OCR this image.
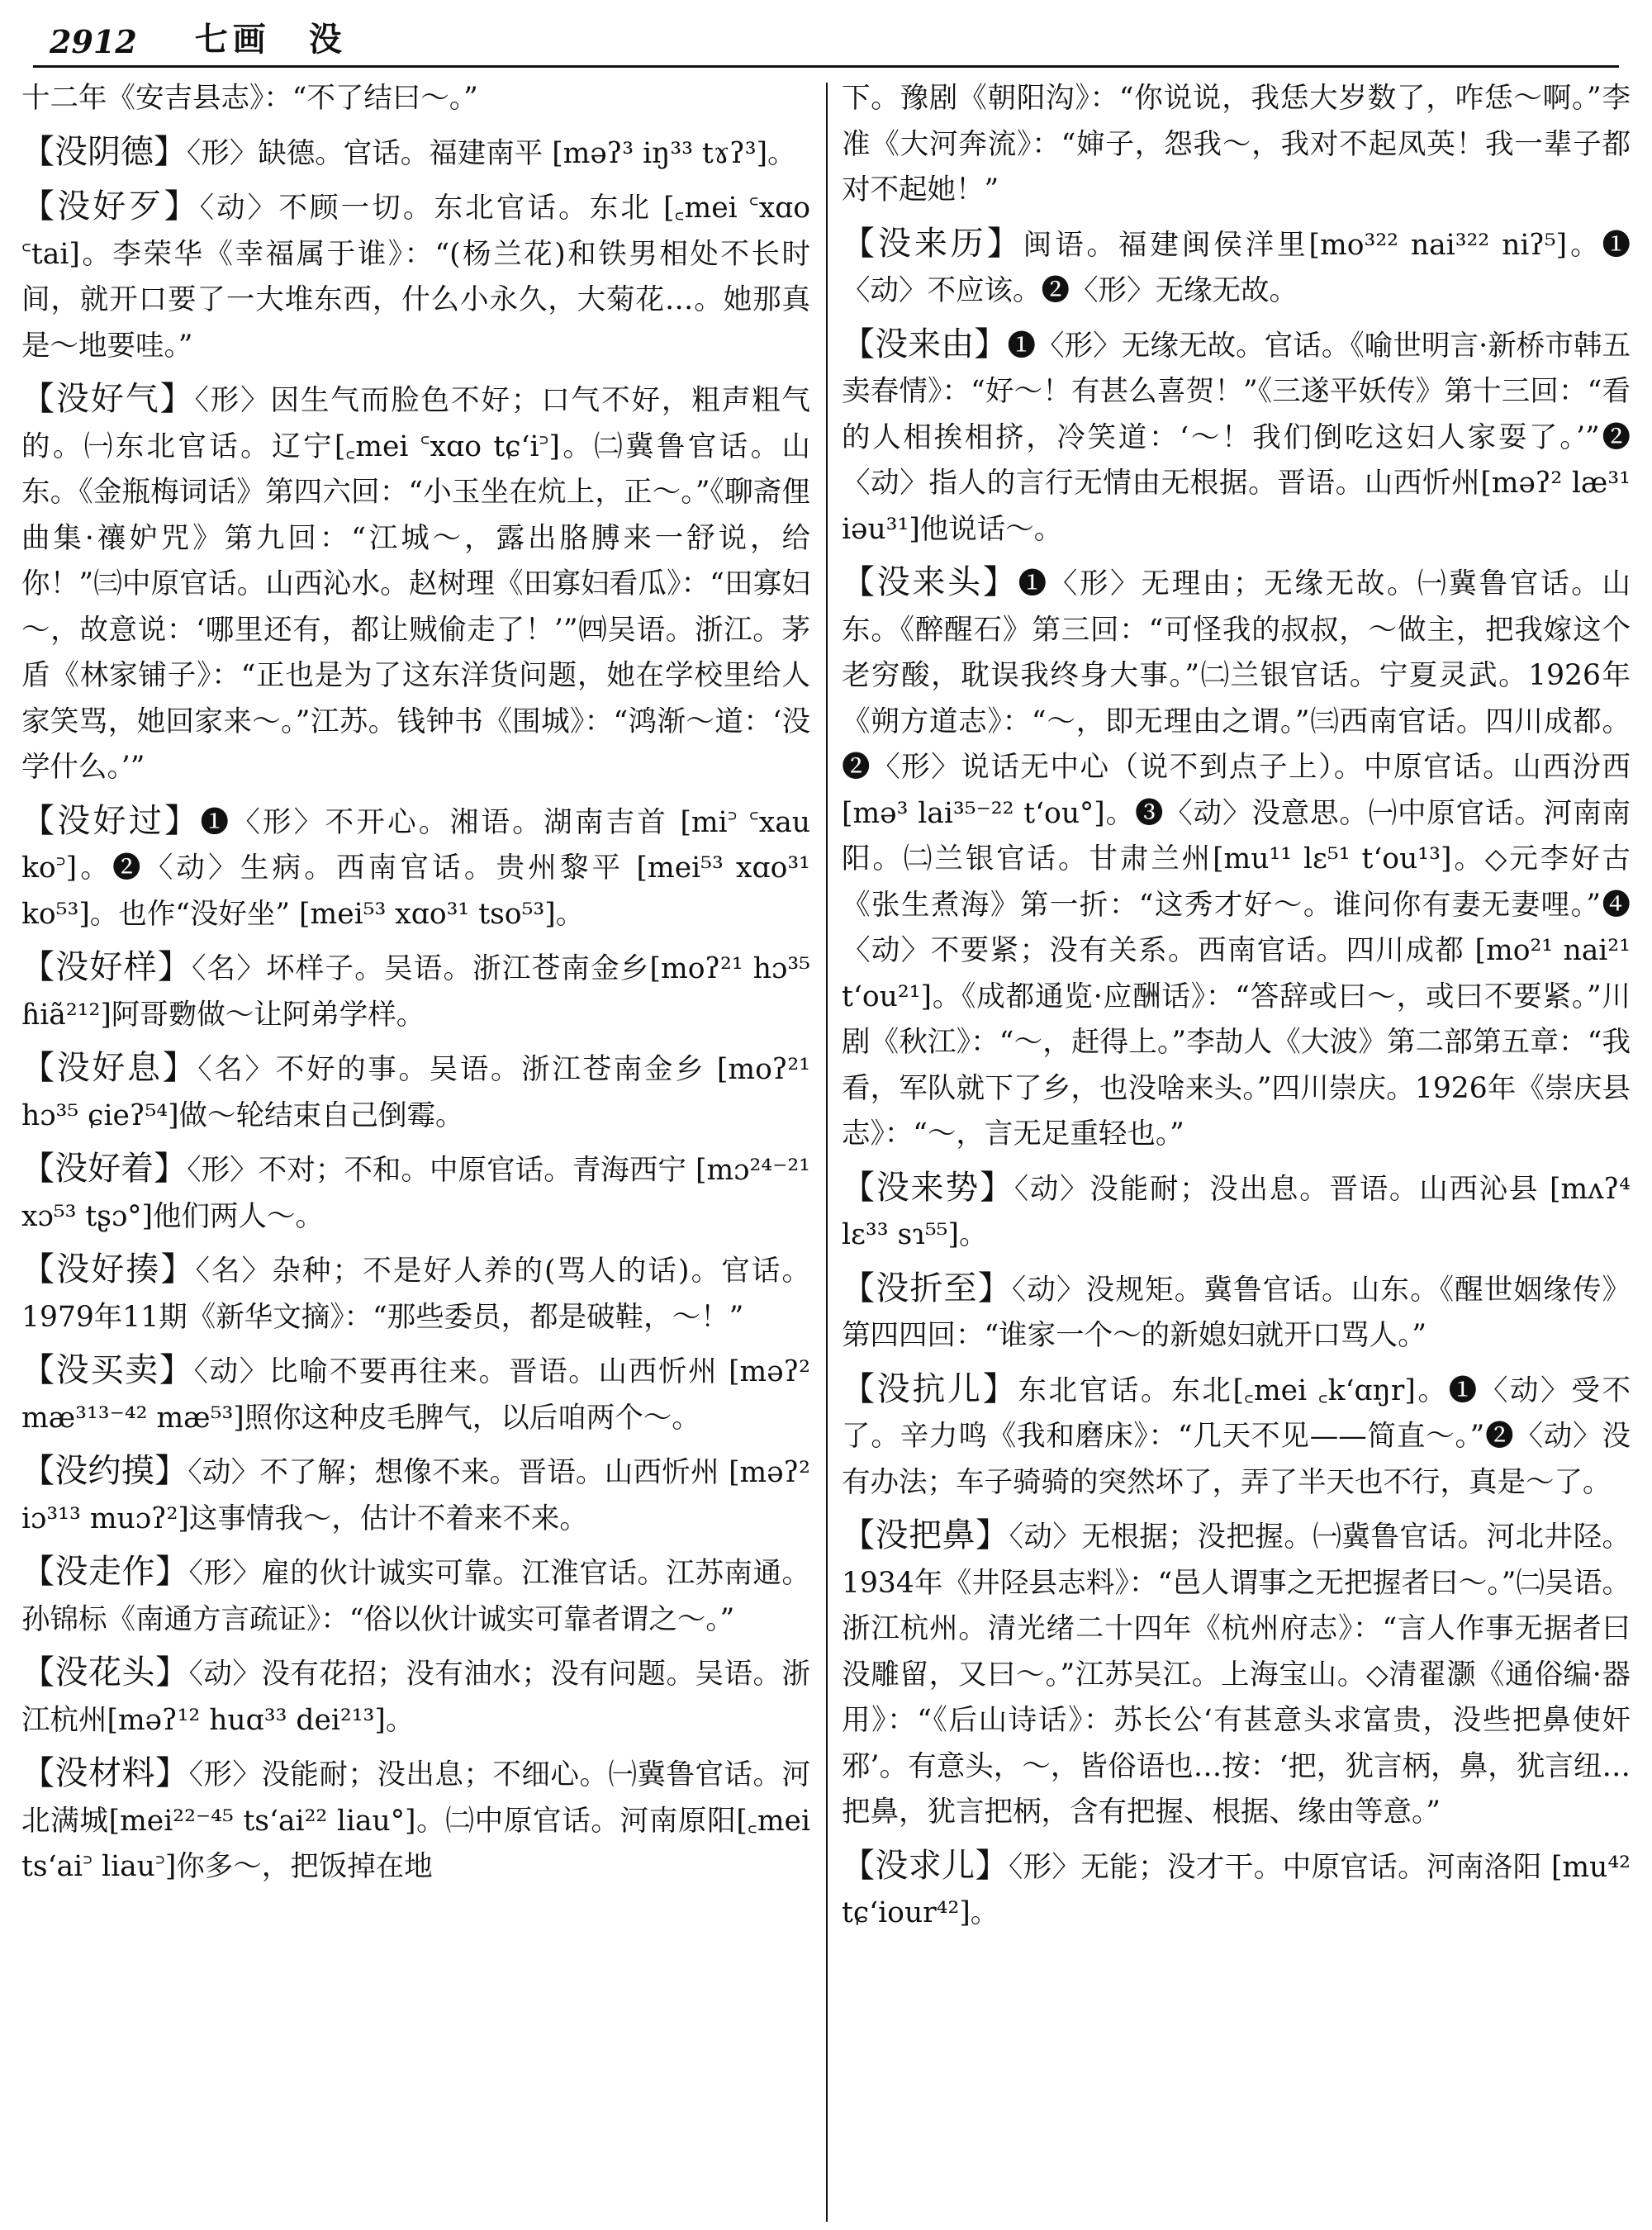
2912 七画　没

十二年《安吉县志》：“不了结曰～。”

【 没阴德 】 〈形〉缺德。官话。福建南平 [məʔ³ iŋ³³ tɤʔ³]。

【 没好歹 】 〈动〉不顾一切。东北官话。东北 [꜀mei ꜂xɑo ꜂tai]。李荣华《幸福属于谁》：“(杨兰花)和铁男相处不长时间，就开口要了一大堆东西，什么小永久，大菊花…。她那真是～地要哇。”

【 没好气 】 〈形〉因生气而脸色不好；口气不好，粗声粗气的。㈠东北官话。辽宁[꜀mei ꜂xɑo tɕʻi꜄]。㈡冀鲁官话。山东。《金瓶梅词话》第四六回：“小玉坐在炕上，正～。”《聊斋俚曲集·禳妒咒》第九回：“江城～，露出胳膊来一舒说，给你！”㈢中原官话。山西沁水。赵树理《田寡妇看瓜》：“田寡妇～，故意说：‘哪里还有，都让贼偷走了！’”㈣吴语。浙江。茅盾《林家铺子》：“正也是为了这东洋货问题，她在学校里给人家笑骂，她回家来～。”江苏。钱钟书《围城》：“鸿渐～道：‘没学什么。’”

【 没好过 】 ❶〈形〉不开心。湘语。湖南吉首 [mi꜄ ꜂xau ko꜄]。❷〈动〉生病。西南官话。贵州黎平 [mei⁵³ xɑo³¹ ko⁵³]。也作“没好坐” [mei⁵³ xɑo³¹ tso⁵³]。

【 没好样 】 〈名〉坏样子。吴语。浙江苍南金乡[moʔ²¹ hɔ³⁵ ɦiã²¹²]阿哥覅做～让阿弟学样。

【 没好息 】 〈名〉不好的事。吴语。浙江苍南金乡 [moʔ²¹ hɔ³⁵ ɕieʔ⁵⁴]做～轮结束自己倒霉。

【 没好着 】 〈形〉不对；不和。中原官话。青海西宁 [mɔ²⁴⁻²¹ xɔ⁵³ tʂɔ°]他们两人～。

【 没好揍 】 〈名〉杂种；不是好人养的(骂人的话)。官话。1979年11期《新华文摘》：“那些委员，都是破鞋，～！”

【 没买卖 】 〈动〉比喻不要再往来。晋语。山西忻州 [məʔ² mæ³¹³⁻⁴² mæ⁵³]照你这种皮毛脾气，以后咱两个～。

【 没约摸 】 〈动〉不了解；想像不来。晋语。山西忻州 [məʔ² iɔ³¹³ muɔʔ²]这事情我～，估计不着来不来。

【 没走作 】 〈形〉雇的伙计诚实可靠。江淮官话。江苏南通。孙锦标《南通方言疏证》：“俗以伙计诚实可靠者谓之～。”

【 没花头 】 〈动〉没有花招；没有油水；没有问题。吴语。浙江杭州[məʔ¹² huɑ³³ dei²¹³]。

【 没材料 】 〈形〉没能耐；没出息；不细心。㈠冀鲁官话。河北满城[mei²²⁻⁴⁵ tsʻai²² liau°]。㈡中原官话。河南原阳[꜀mei tsʻai꜄ liau꜄]你多～，把饭掉在地

下。豫剧《朝阳沟》：“你说说，我恁大岁数了，咋恁～啊。”李准《大河奔流》：“婶子，怨我～，我对不起凤英！我一辈子都对不起她！”

【 没来历 】 闽语。福建闽侯洋里[mo³²² nai³²² niʔ⁵]。❶〈动〉不应该。❷〈形〉无缘无故。

【 没来由 】 ❶〈形〉无缘无故。官话。《喻世明言·新桥市韩五卖春情》：“好～！有甚么喜贺！”《三遂平妖传》第十三回：“看的人相挨相挤，冷笑道：‘～！我们倒吃这妇人家耍了。’”❷〈动〉指人的言行无情由无根据。晋语。山西忻州[məʔ² læ³¹ iəu³¹]他说话～。

【 没来头 】 ❶〈形〉无理由；无缘无故。㈠冀鲁官话。山东。《醉醒石》第三回：“可怪我的叔叔，～做主，把我嫁这个老穷酸，耽误我终身大事。”㈡兰银官话。宁夏灵武。1926年《朔方道志》：“～，即无理由之谓。”㈢西南官话。四川成都。❷〈形〉说话无中心（说不到点子上）。中原官话。山西汾西[mə³ lai³⁵⁻²² tʻou°]。❸〈动〉没意思。㈠中原官话。河南南阳。㈡兰银官话。甘肃兰州[mu¹¹ lɛ⁵¹ tʻou¹³]。◇元李好古《张生煮海》第一折：“这秀才好～。谁问你有妻无妻哩。”❹〈动〉不要紧；没有关系。西南官话。四川成都 [mo²¹ nai²¹ tʻou²¹]。《成都通览·应酬话》：“答辞或曰～，或曰不要紧。”川剧《秋江》：“～，赶得上。”李劼人《大波》第二部第五章：“我看，军队就下了乡，也没啥来头。”四川崇庆。1926年《崇庆县志》：“～，言无足重轻也。”

【 没来势 】 〈动〉没能耐；没出息。晋语。山西沁县 [mʌʔ⁴ lɛ³³ sɿ⁵⁵]。

【 没折至 】 〈动〉没规矩。冀鲁官话。山东。《醒世姻缘传》第四四回：“谁家一个～的新媳妇就开口骂人。”

【 没抗儿 】 东北官话。东北[꜀mei ꜀kʻɑŋr]。❶〈动〉受不了。辛力鸣《我和磨床》：“几天不见——简直～。”❷〈动〉没有办法；车子骑骑的突然坏了，弄了半天也不行，真是～了。

【 没把鼻 】 〈动〉无根据；没把握。㈠冀鲁官话。河北井陉。1934年《井陉县志料》：“邑人谓事之无把握者曰～。”㈡吴语。浙江杭州。清光绪二十四年《杭州府志》：“言人作事无据者曰没雕留，又曰～。”江苏吴江。上海宝山。◇清翟灏《通俗编·器用》：“《后山诗话》：苏长公‘有甚意头求富贵，没些把鼻使奸邪’。有意头，～，皆俗语也…按：‘把，犹言柄，鼻，犹言纽…把鼻，犹言把柄，含有把握、根据、缘由等意。”

【 没求儿 】 〈形〉无能；没才干。中原官话。河南洛阳 [mu⁴² tɕʻiour⁴²]。
